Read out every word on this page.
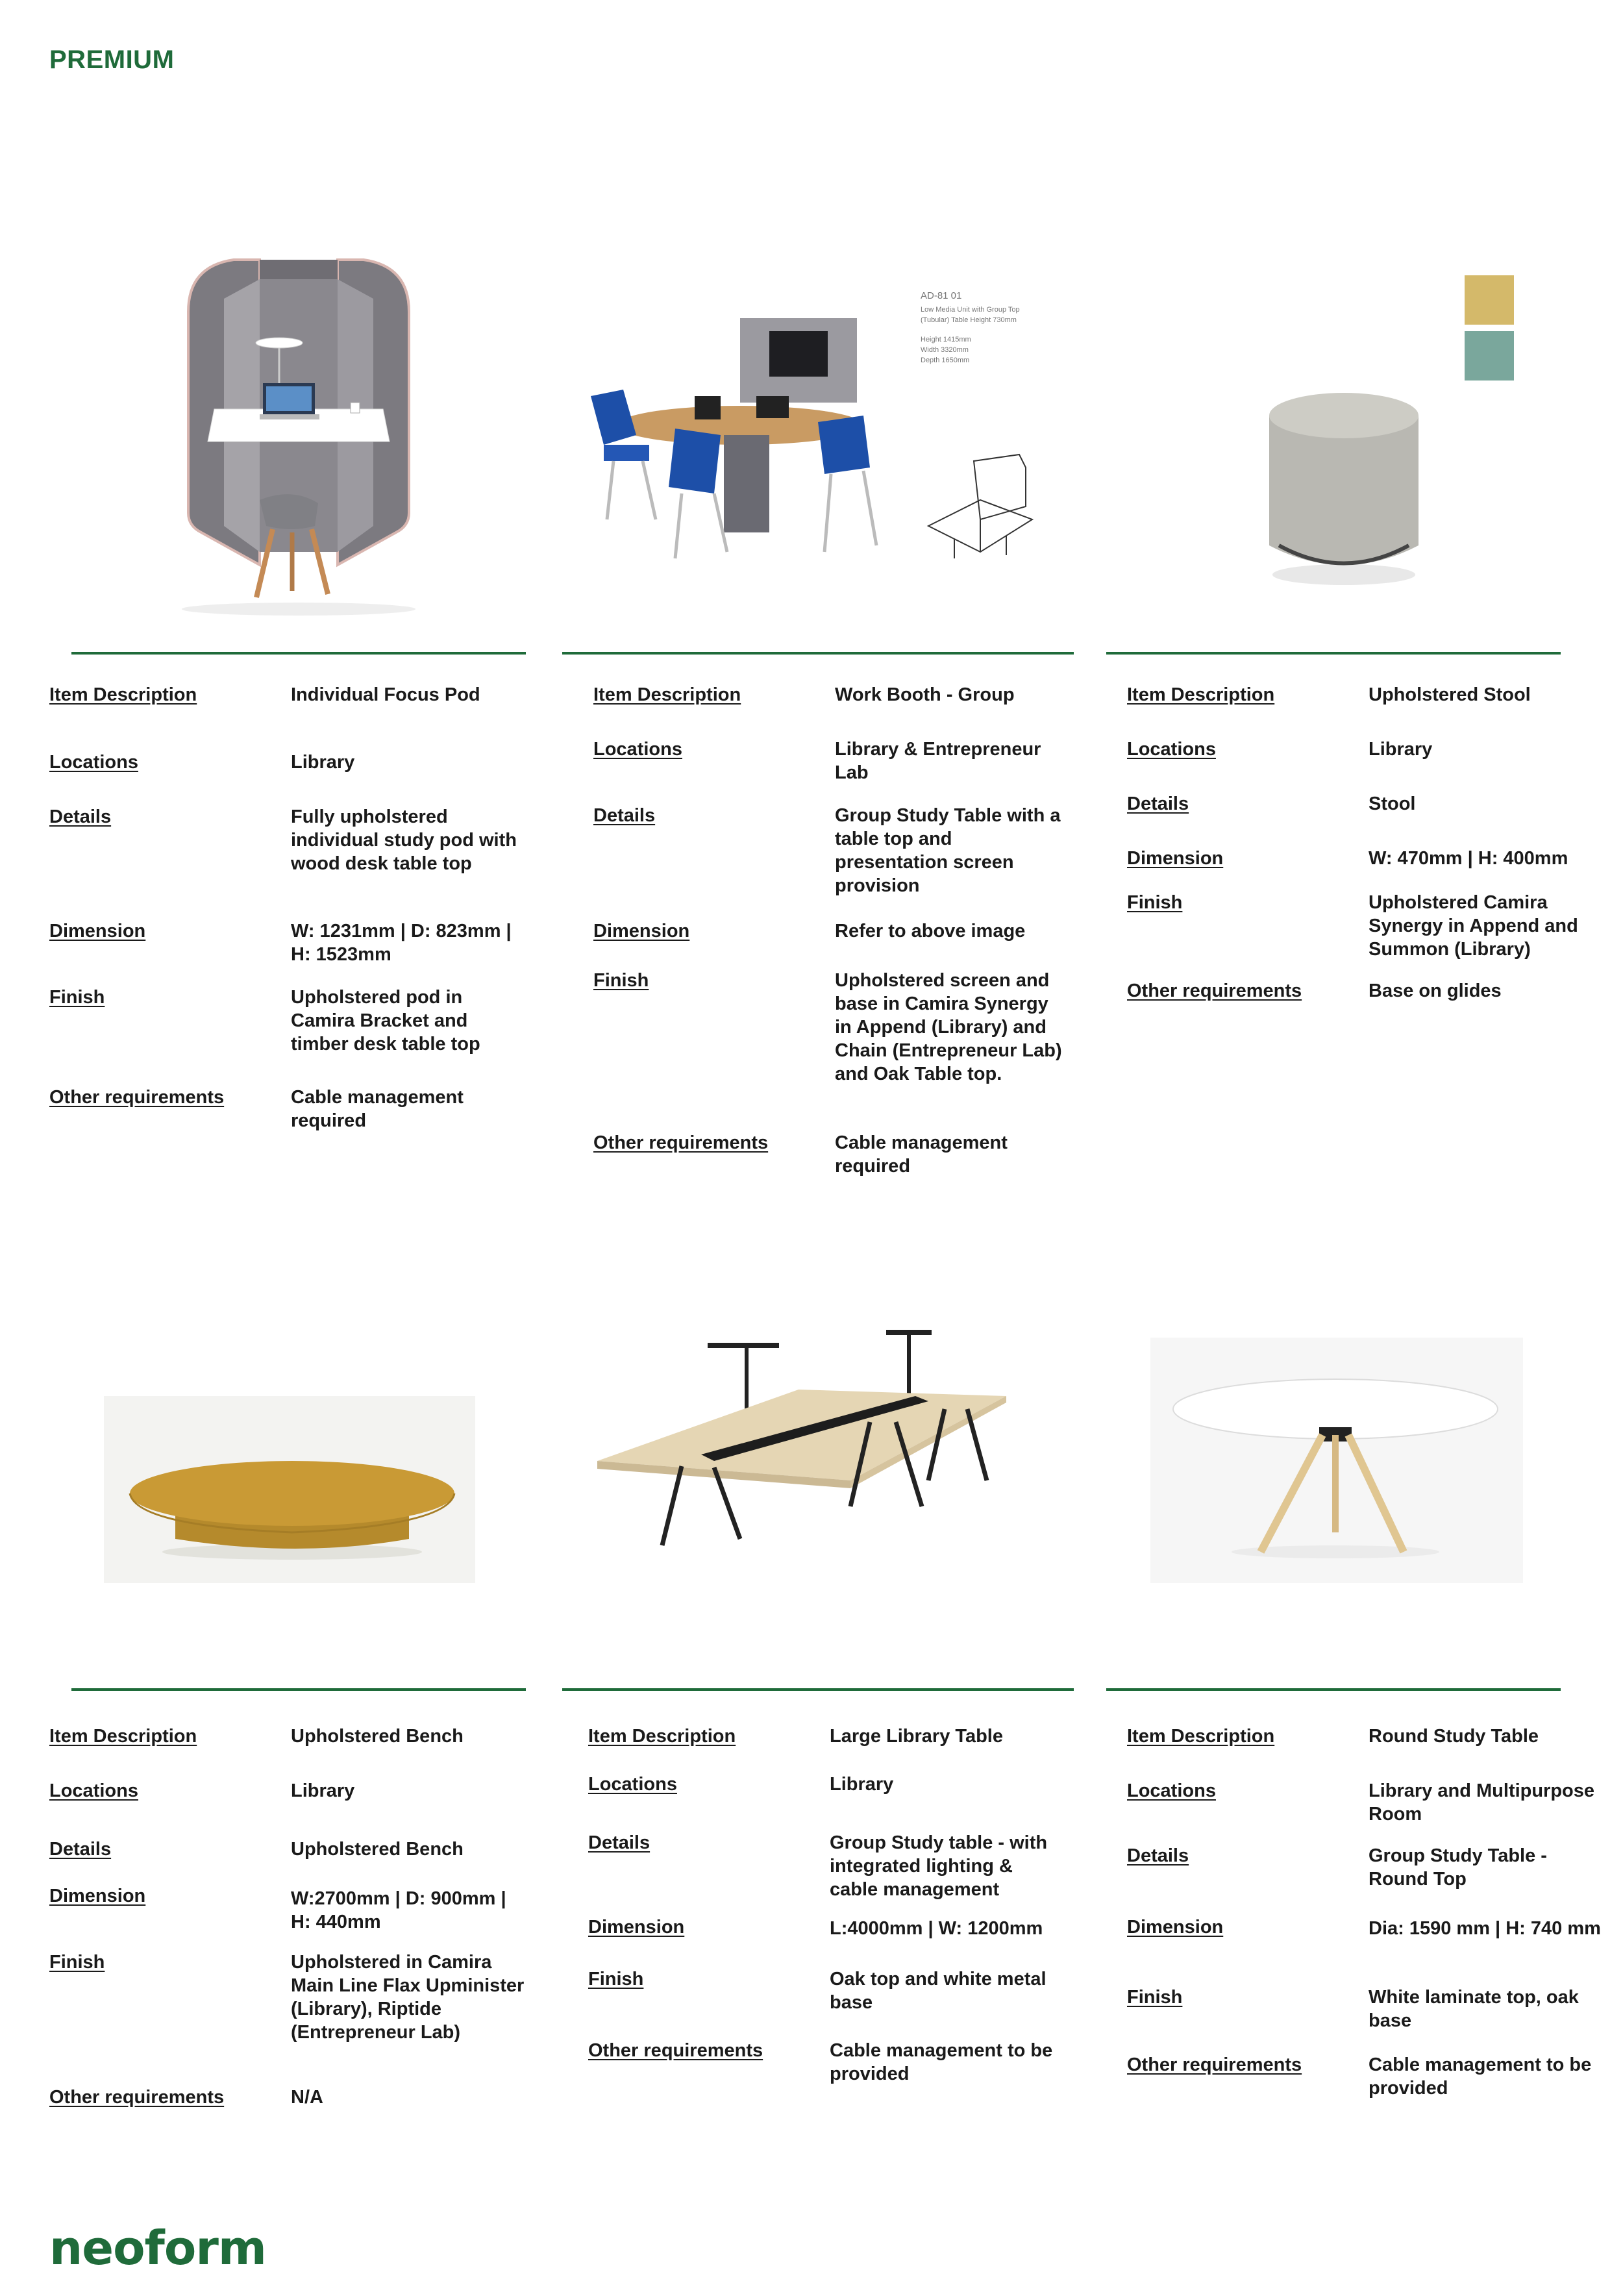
PREMIUM
AD-81 01
Low Media Unit with Group Top
(Tubular) Table Height 730mm
Height 1415mm
Width 3320mm
Depth 1650mm
Item Description	Individual Focus Pod
Locations	Library
Details	Fully upholstered individual study pod with wood desk table top
Dimension	W: 1231mm | D: 823mm | H: 1523mm
Finish	Upholstered pod in Camira Bracket and timber desk table top
Other requirements	Cable management required
Item Description	Work Booth - Group
Locations	Library & Entrepreneur Lab
Details	Group Study Table with a table top and presentation screen provision
Dimension	Refer to above image
Finish	Upholstered screen and base in Camira Synergy in Append (Library) and Chain (Entrepreneur Lab) and Oak Table top.
Other requirements	Cable management required
Item Description	Upholstered Stool
Locations	Library
Details	Stool
Dimension	W: 470mm | H: 400mm
Finish	Upholstered Camira Synergy in Append and Summon (Library)
Other requirements	Base on glides
Item Description	Upholstered Bench
Locations	Library
Details	Upholstered Bench
Dimension	W:2700mm | D: 900mm | H: 440mm
Finish	Upholstered in Camira Main Line Flax Upminister (Library), Riptide (Entrepreneur Lab)
Other requirements	N/A
Item Description	Large Library Table
Locations	Library
Details	Group Study table - with integrated lighting & cable management
Dimension	L:4000mm | W: 1200mm
Finish	Oak top and white metal base
Other requirements	Cable management to be provided
Item Description	Round Study Table
Locations	Library and Multipurpose Room
Details	Group Study Table - Round Top
Dimension	Dia: 1590 mm | H: 740 mm
Finish	White laminate top, oak base
Other requirements	Cable management to be provided
neoform
